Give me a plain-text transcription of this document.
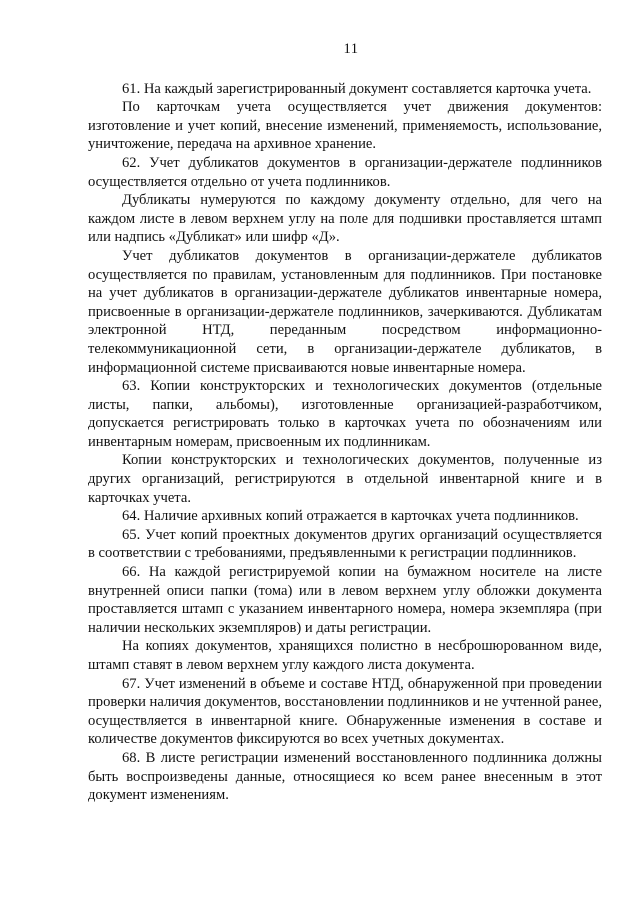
11

61. На каждый зарегистрированный документ составляется карточка учета.

По карточкам учета осуществляется учет движения документов: изготовление и учет копий, внесение изменений, применяемость, использование, уничтожение, передача на архивное хранение.

62. Учет дубликатов документов в организации-держателе подлинников осуществляется отдельно от учета подлинников.

Дубликаты нумеруются по каждому документу отдельно, для чего на каждом листе в левом верхнем углу на поле для подшивки проставляется штамп или надпись «Дубликат» или шифр «Д».

Учет дубликатов документов в организации-держателе дубликатов осуществляется по правилам, установленным для подлинников. При постановке на учет дубликатов в организации-держателе дубликатов инвентарные номера, присвоенные в организации-держателе подлинников, зачеркиваются. Дубликатам электронной НТД, переданным посредством информационно-телекоммуникационной сети, в организации-держателе дубликатов, в информационной системе присваиваются новые инвентарные номера.

63. Копии конструкторских и технологических документов (отдельные листы, папки, альбомы), изготовленные организацией-разработчиком, допускается регистрировать только в карточках учета по обозначениям или инвентарным номерам, присвоенным их подлинникам.

Копии конструкторских и технологических документов, полученные из других организаций, регистрируются в отдельной инвентарной книге и в карточках учета.

64. Наличие архивных копий отражается в карточках учета подлинников.

65. Учет копий проектных документов других организаций осуществляется в соответствии с требованиями, предъявленными к регистрации подлинников.

66. На каждой регистрируемой копии на бумажном носителе на листе внутренней описи папки (тома) или в левом верхнем углу обложки документа проставляется штамп с указанием инвентарного номера, номера экземпляра (при наличии нескольких экземпляров) и даты регистрации.

На копиях документов, хранящихся полистно в несброшюрованном виде, штамп ставят в левом верхнем углу каждого листа документа.

67. Учет изменений в объеме и составе НТД, обнаруженной при проведении проверки наличия документов, восстановлении подлинников и не учтенной ранее, осуществляется в инвентарной книге. Обнаруженные изменения в составе и количестве документов фиксируются во всех учетных документах.

68. В листе регистрации изменений восстановленного подлинника должны быть воспроизведены данные, относящиеся ко всем ранее внесенным в этот документ изменениям.
